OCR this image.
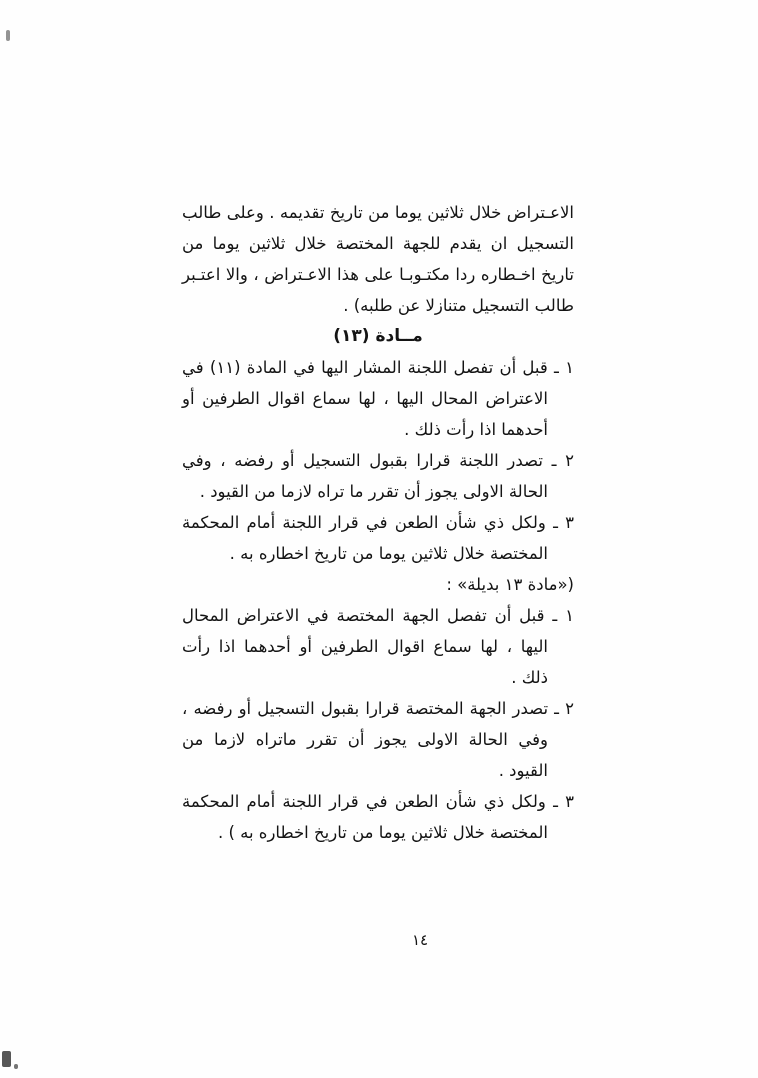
الاعـتراض خلال ثلاثين يوما من تاريخ تقديمه . وعلى طالب التسجيل ان يقدم للجهة المختصة خلال ثلاثين يوما من تاريخ اخـطاره ردا مكتـوبـا على هذا الاعـتراض ، والا اعتـبر طالب التسجيل متنازلا عن طلبه) .

مــادة (١٣)

١ ـ قبل أن تفصل اللجنة المشار اليها في المادة (١١) في الاعتراض المحال اليها ، لها سماع اقوال الطرفين أو أحدهما اذا رأت ذلك .

٢ ـ تصدر اللجنة قرارا بقبول التسجيل أو رفضه ، وفي الحالة الاولى يجوز أن تقرر ما تراه لازما من القيود .

٣ ـ ولكل ذي شأن الطعن في قرار اللجنة أمام المحكمة المختصة خلال ثلاثين يوما من تاريخ اخطاره به .

(«مادة ١٣ بديلة» :

١ ـ قبل أن تفصل الجهة المختصة في الاعتراض المحال اليها ، لها سماع اقوال الطرفين أو أحدهما اذا رأت ذلك .

٢ ـ تصدر الجهة المختصة قرارا بقبول التسجيل أو رفضه ، وفي الحالة الاولى يجوز أن تقرر ماتراه لازما من القيود .

٣ ـ ولكل ذي شأن الطعن في قرار اللجنة أمام المحكمة المختصة خلال ثلاثين يوما من تاريخ اخطاره به ) .

١٤
